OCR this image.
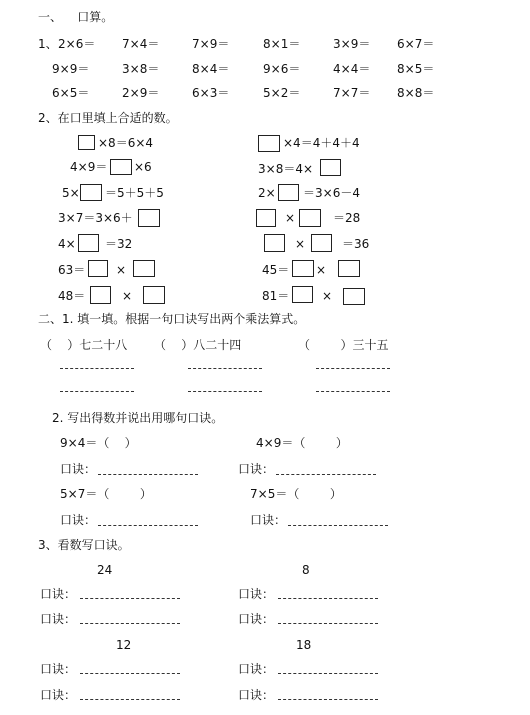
一、    口算。
1、 2×6＝ 7×4＝	7×9＝	8×1＝	3×9＝ 6×7＝
9×9＝	3×8＝	8×4＝	9×6＝	4×4＝ 8×5＝
6×5＝	2×9＝	6×3＝	5×2＝	7×7＝ 8×8＝
2、在口里填上合适的数。
×8＝6×4
4×9＝ ×6
5× ＝5＋5＋5
3×7＝3×6＋
4× ＝32
63＝	×
48＝	×
×4＝4＋4＋4
3×8＝4×
2× ＝3×6－4
×	＝28
×	＝36
45＝ ×
81＝	×
二、1. 填一填。根据一句口诀写出两个乘法算式。
（    ）七二十八 （    ）八二十四	（        ）三十五
2. 写出得数并说出用哪句口诀。
9×4＝（    ）	4×9＝（        ）
口诀：	口诀：
5×7＝（        ）	7×5＝（        ）
口诀：	口诀：
3、看数写口诀。
24	8
口诀：	口诀：
口诀：	口诀：
12	18
口诀：	口诀：
口诀：	口诀：
